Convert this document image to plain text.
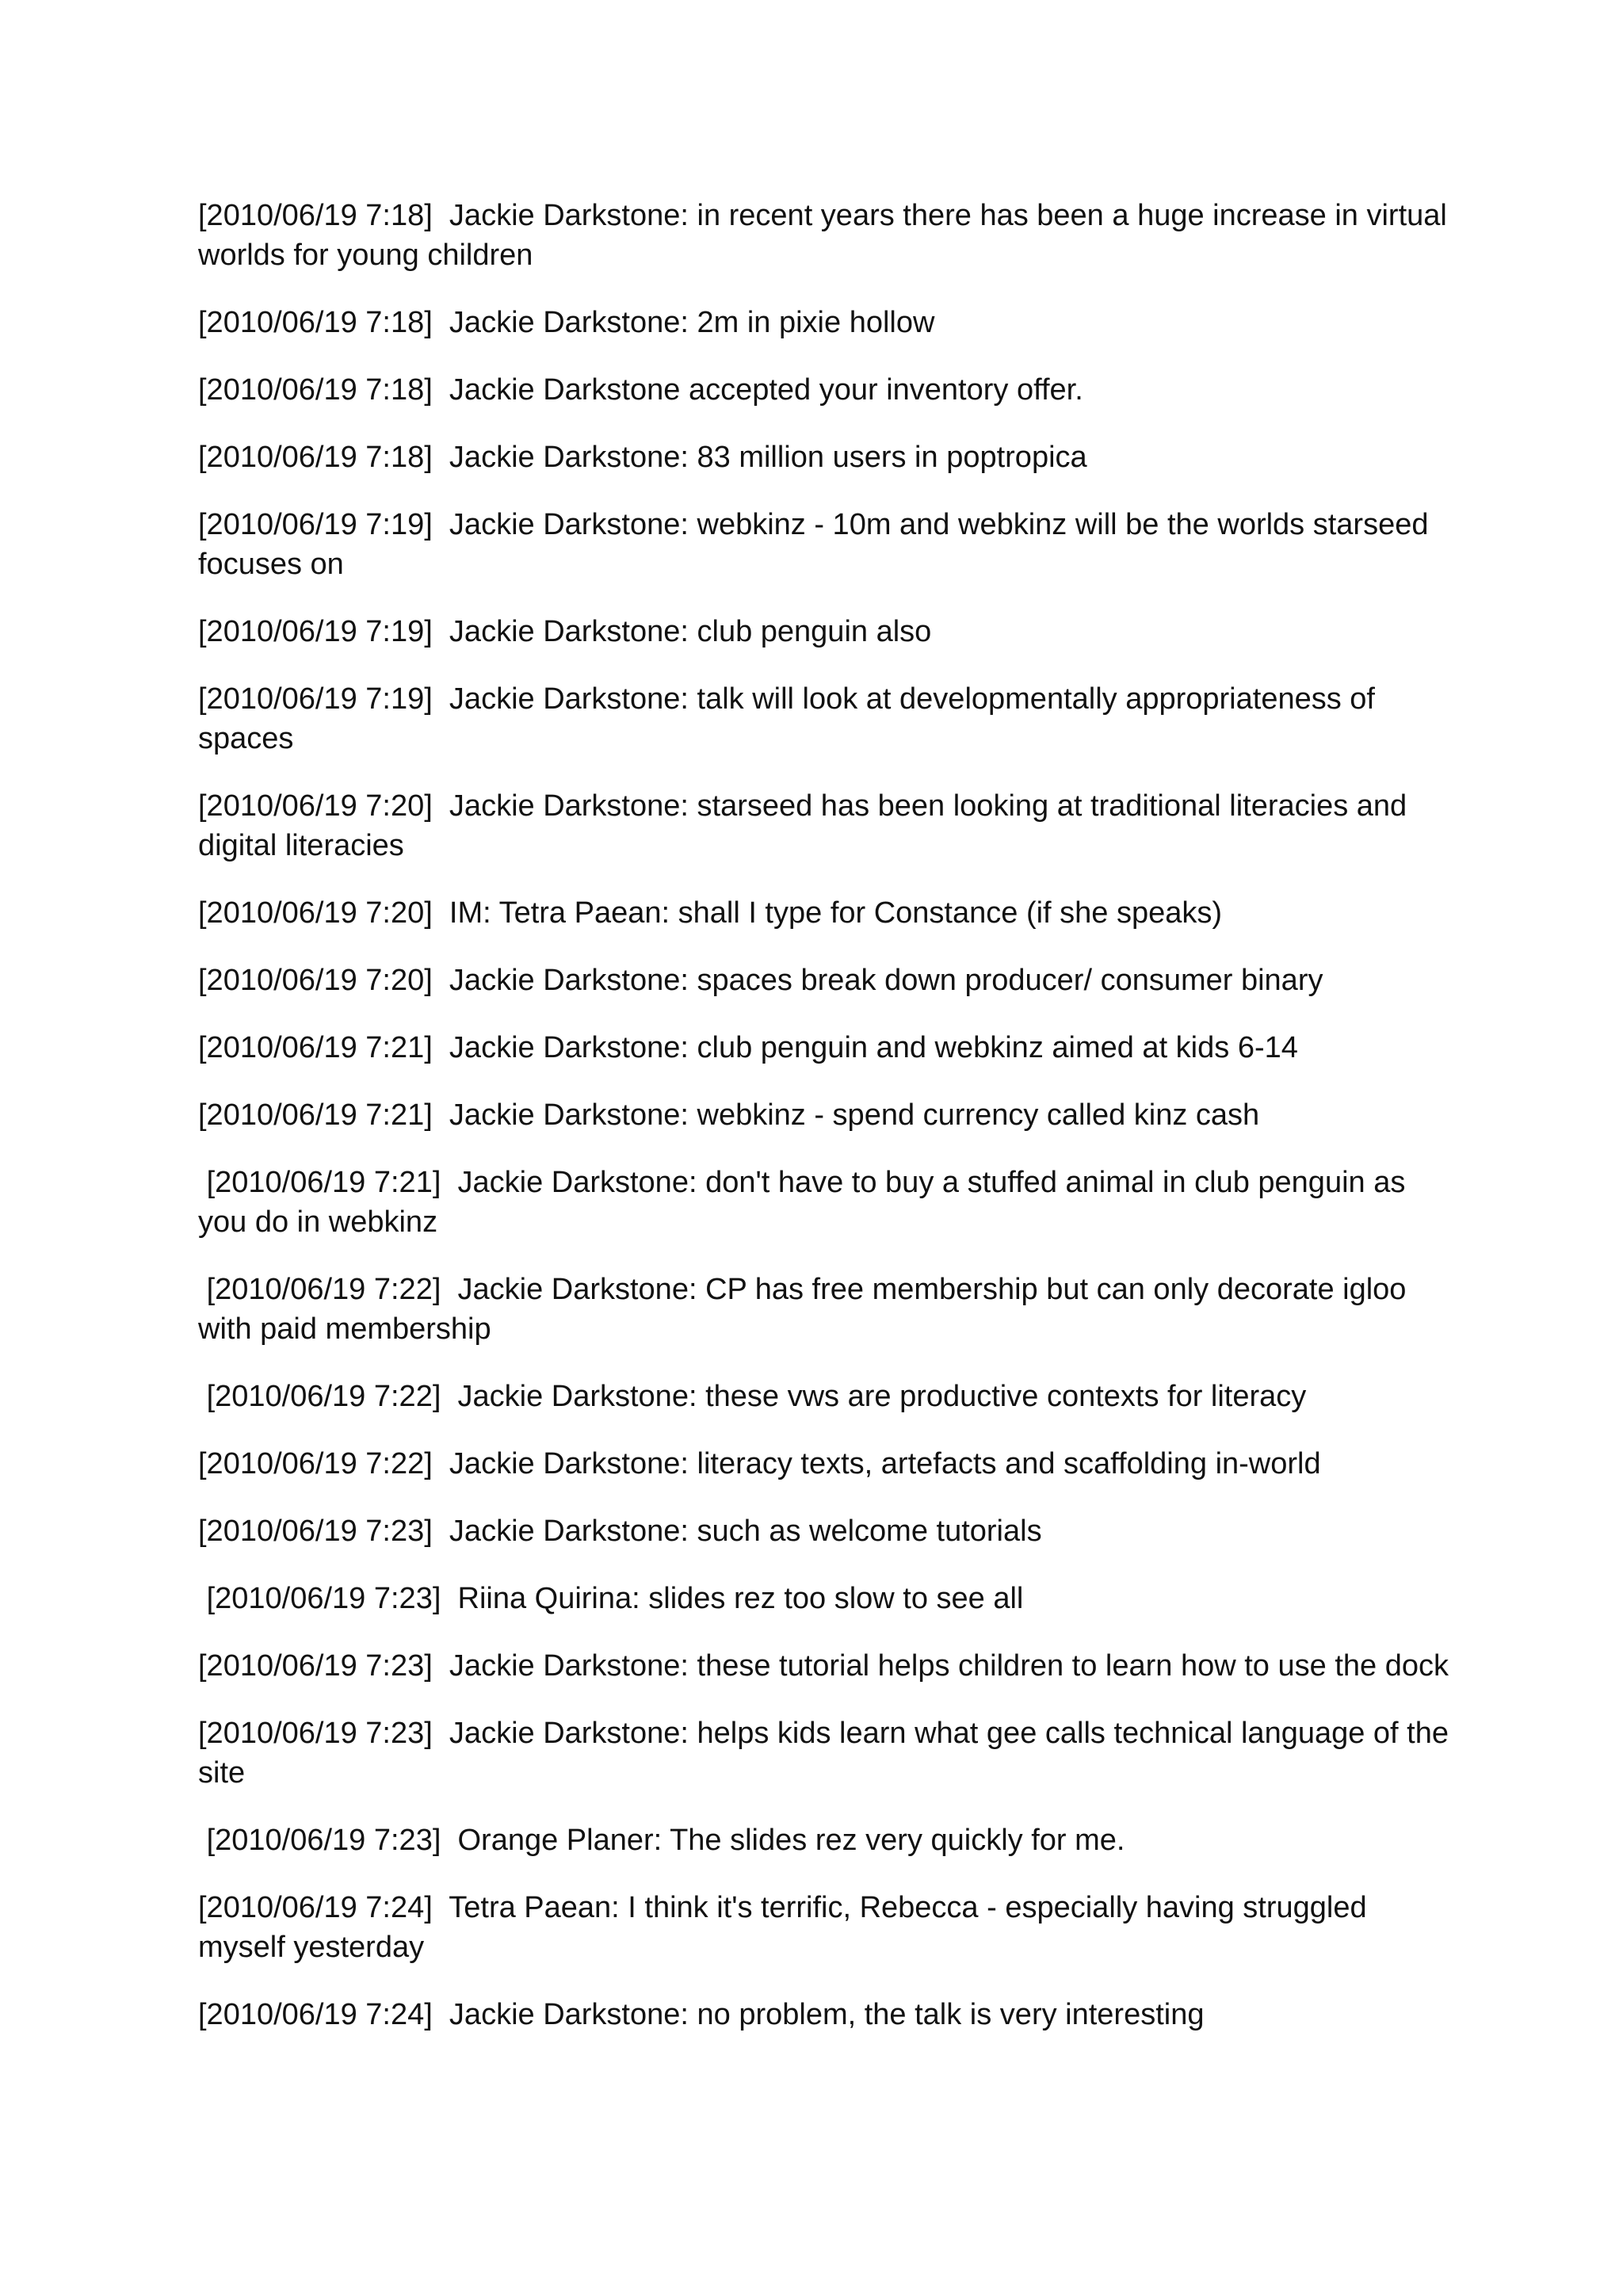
[2010/06/19 7:18]  Jackie Darkstone: in recent years there has been a huge increase in virtual worlds for young children
[2010/06/19 7:18]  Jackie Darkstone: 2m in pixie hollow
[2010/06/19 7:18]  Jackie Darkstone accepted your inventory offer.
[2010/06/19 7:18]  Jackie Darkstone: 83 million users in poptropica
[2010/06/19 7:19]  Jackie Darkstone: webkinz - 10m and webkinz will be the worlds starseed focuses on
[2010/06/19 7:19]  Jackie Darkstone: club penguin also
[2010/06/19 7:19]  Jackie Darkstone: talk will look at developmentally appropriateness of spaces
[2010/06/19 7:20]  Jackie Darkstone: starseed has been looking at traditional literacies and digital literacies
[2010/06/19 7:20]  IM: Tetra Paean: shall I type for Constance (if she speaks)
[2010/06/19 7:20]  Jackie Darkstone: spaces break down producer/ consumer binary
[2010/06/19 7:21]  Jackie Darkstone: club penguin and webkinz aimed at kids 6-14
[2010/06/19 7:21]  Jackie Darkstone: webkinz - spend currency called kinz cash
[2010/06/19 7:21]  Jackie Darkstone: don't have to buy a stuffed animal in club penguin as you do in webkinz
[2010/06/19 7:22]  Jackie Darkstone: CP has free membership but can only decorate igloo with paid membership
[2010/06/19 7:22]  Jackie Darkstone: these vws are productive contexts for literacy
[2010/06/19 7:22]  Jackie Darkstone: literacy texts, artefacts and scaffolding in-world
[2010/06/19 7:23]  Jackie Darkstone: such as welcome tutorials
[2010/06/19 7:23]  Riina Quirina: slides rez too slow to see all
[2010/06/19 7:23]  Jackie Darkstone: these tutorial helps children to learn how to use the dock
[2010/06/19 7:23]  Jackie Darkstone: helps kids learn what gee calls technical language of the site
[2010/06/19 7:23]  Orange Planer: The slides rez very quickly for me.
[2010/06/19 7:24]  Tetra Paean: I think it's terrific, Rebecca - especially having struggled myself yesterday
[2010/06/19 7:24]  Jackie Darkstone: no problem, the talk is very interesting
